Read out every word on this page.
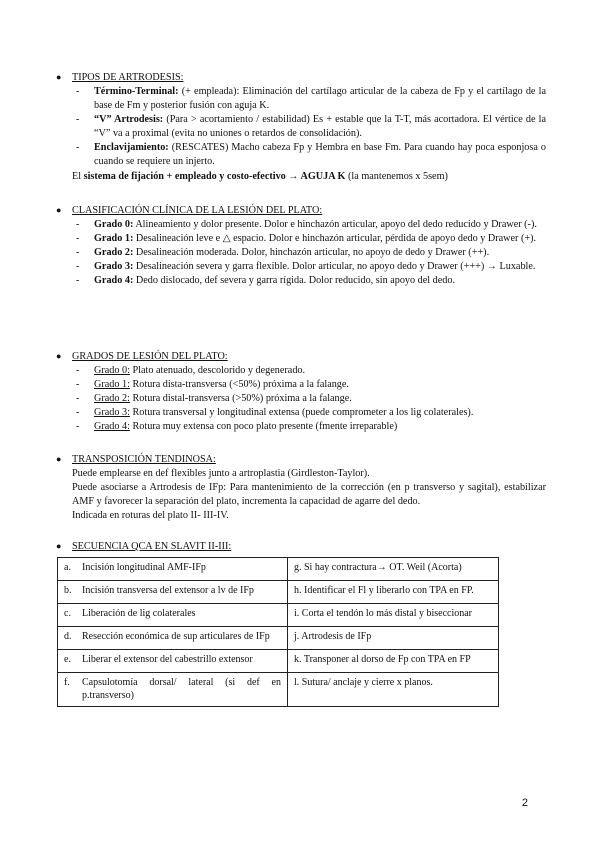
● TIPOS DE ARTRODESIS:

- Término-Terminal: (+ empleada): Eliminación del cartílago articular de la cabeza de Fp y el cartílago de la base de Fm y posterior fusión con aguja K.
- “V” Artrodesis: (Para > acortamiento / estabilidad) Es + estable que la T-T, más acortadora. El vértice de la “V” va a proximal (evita no uniones o retardos de consolidación).
- Enclavijamiento: (RESCATES) Macho cabeza Fp y Hembra en base Fm. Para cuando hay poca esponjosa o cuando se requiere un injerto.

El sistema de fijación + empleado y costo-efectivo → AGUJA K (la mantenemos x 5sem)

● CLASIFICACIÓN CLÍNICA DE LA LESIÓN DEL PLATO:

- Grado 0: Alineamiento y dolor presente. Dolor e hinchazón articular, apoyo del dedo reducido y Drawer (-).
- Grado 1: Desalineación leve e △ espacio. Dolor e hinchazón articular, pérdida de apoyo dedo y Drawer (+).
- Grado 2: Desalineación moderada. Dolor, hinchazón articular, no apoyo de dedo y Drawer (++).
- Grado 3: Desalineación severa y garra flexible. Dolor articular, no apoyo dedo y Drawer (+++) → Luxable.
- Grado 4: Dedo dislocado, def severa y garra rígida. Dolor reducido, sin apoyo del dedo.

● GRADOS DE LESIÓN DEL PLATO:

- Grado 0: Plato atenuado, descolorido y degenerado.
- Grado 1: Rotura dista-transversa (<50%) próxima a la falange.
- Grado 2: Rotura distal-transversa (>50%) próxima a la falange.
- Grado 3: Rotura transversal y longitudinal extensa (puede comprometer a los lig colaterales).
- Grado 4: Rotura muy extensa con poco plato presente (fmente irreparable)

● TRANSPOSICIÓN TENDINOSA:

Puede emplearse en def flexibles junto a artroplastia (Girdleston-Taylor).

Puede asociarse a Artrodesis de IFp: Para mantenimiento de la corrección (en p transverso y sagital), estabilizar AMF y favorecer la separación del plato, incrementa la capacidad de agarre del dedo.

Indicada en roturas del plato II- III-IV.

● SECUENCIA QCA EN SLAVIT II-III:

a. Incisión longitudinal AMF-IFp	g. Si hay contractura→ OT. Weil (Acorta)

b. Incisión transversa del extensor a lv de IFp	h. Identificar el Fl y liberarlo con TPA en FP.

c. Liberación de lig colaterales	i. Corta el tendón lo más distal y biseccionar

d. Resección económica de sup articulares de IFp	j. Artrodesis de IFp

e. Liberar el extensor del cabestrillo extensor	k. Transponer al dorso de Fp con TPA en FP

f. Capsulotomía dorsal/ lateral (si def en p.transverso)	l. Sutura/ anclaje y cierre x planos.
2
